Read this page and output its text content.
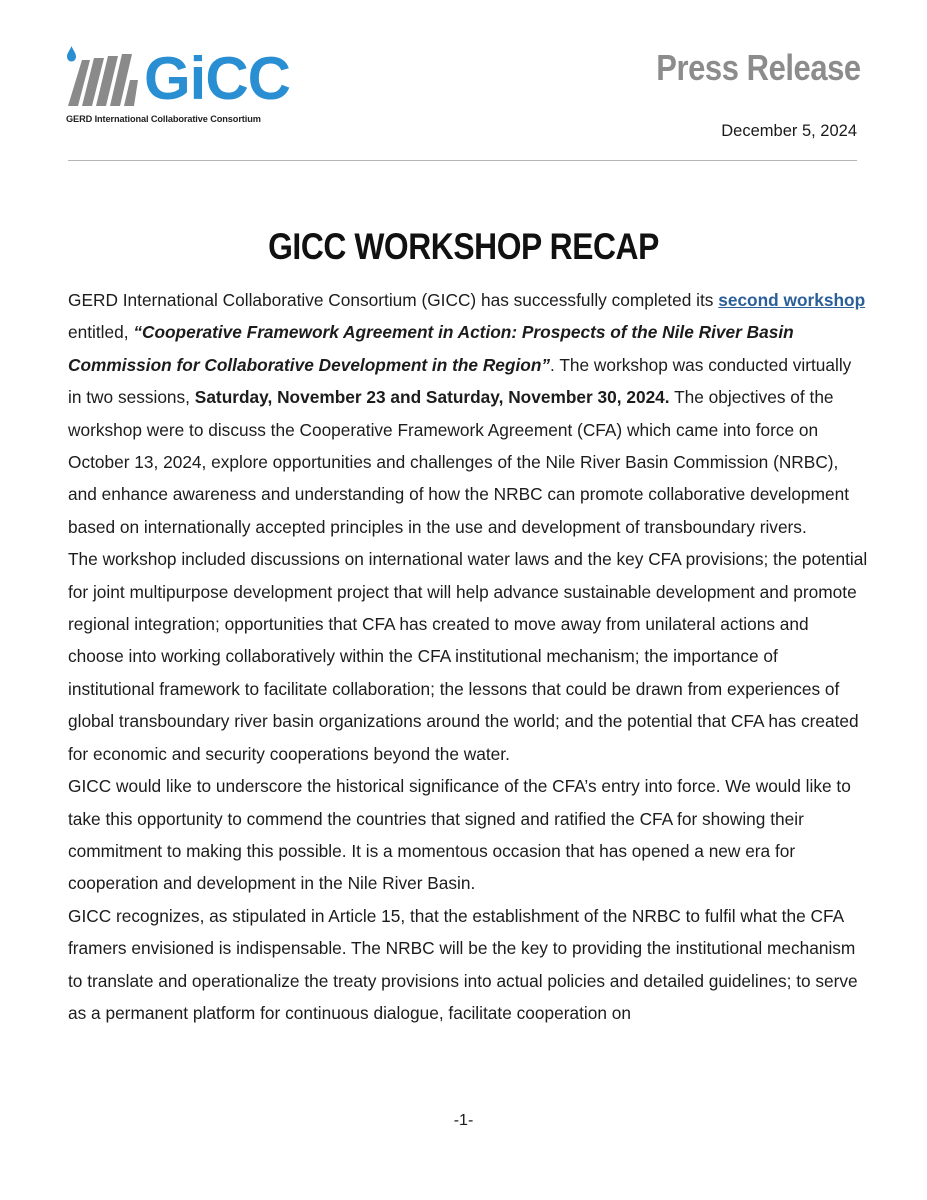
GiCC
GERD International Collaborative Consortium
Press Release
December 5, 2024
GICC WORKSHOP RECAP

GERD International Collaborative Consortium (GICC) has successfully completed its second workshop entitled, “Cooperative Framework Agreement in Action: Prospects of the Nile River Basin Commission for Collaborative Development in the Region”. The workshop was conducted virtually in two sessions, Saturday, November 23 and Saturday, November 30, 2024. The objectives of the workshop were to discuss the Cooperative Framework Agreement (CFA) which came into force on October 13, 2024, explore opportunities and challenges of the Nile River Basin Commission (NRBC), and enhance awareness and understanding of how the NRBC can promote collaborative development based on internationally accepted principles in the use and development of transboundary rivers.

The workshop included discussions on international water laws and the key CFA provisions; the potential for joint multipurpose development project that will help advance sustainable development and promote regional integration; opportunities that CFA has created to move away from unilateral actions and choose into working collaboratively within the CFA institutional mechanism; the importance of institutional framework to facilitate collaboration; the lessons that could be drawn from experiences of global transboundary river basin organizations around the world; and the potential that CFA has created for economic and security cooperations beyond the water.

GICC would like to underscore the historical significance of the CFA’s entry into force. We would like to take this opportunity to commend the countries that signed and ratified the CFA for showing their commitment to making this possible. It is a momentous occasion that has opened a new era for cooperation and development in the Nile River Basin.

GICC recognizes, as stipulated in Article 15, that the establishment of the NRBC to fulfil what the CFA framers envisioned is indispensable. The NRBC will be the key to providing the institutional mechanism to translate and operationalize the treaty provisions into actual policies and detailed guidelines; to serve as a permanent platform for continuous dialogue, facilitate cooperation on

-1-
